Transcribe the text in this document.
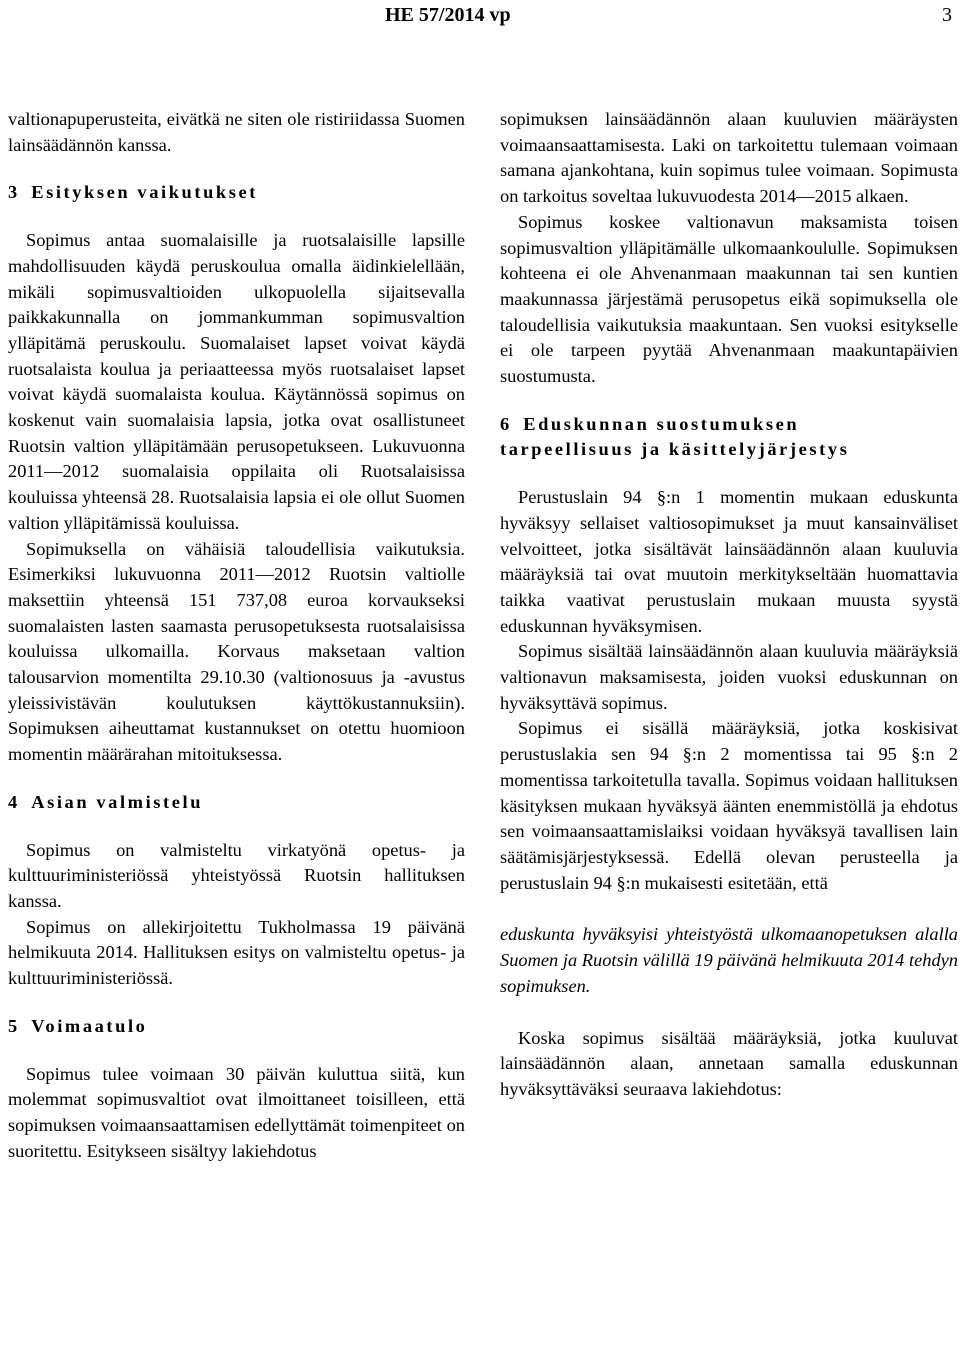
HE 57/2014 vp	3

valtionapuperusteita, eivätkä ne siten ole ristiriidassa Suomen lainsäädännön kanssa.

3 Esityksen vaikutukset

Sopimus antaa suomalaisille ja ruotsalaisille lapsille mahdollisuuden käydä peruskoulua omalla äidinkielellään, mikäli sopimusvaltioiden ulkopuolella sijaitsevalla paikkakunnalla on jommankumman sopimusvaltion ylläpitämä peruskoulu. Suomalaiset lapset voivat käydä ruotsalaista koulua ja periaatteessa myös ruotsalaiset lapset voivat käydä suomalaista koulua. Käytännössä sopimus on koskenut vain suomalaisia lapsia, jotka ovat osallistuneet Ruotsin valtion ylläpitämään perusopetukseen. Lukuvuonna 2011—2012 suomalaisia oppilaita oli Ruotsalaisissa kouluissa yhteensä 28. Ruotsalaisia lapsia ei ole ollut Suomen valtion ylläpitämissä kouluissa.

Sopimuksella on vähäisiä taloudellisia vaikutuksia. Esimerkiksi lukuvuonna 2011—2012 Ruotsin valtiolle maksettiin yhteensä 151 737,08 euroa korvaukseksi suomalaisten lasten saamasta perusopetuksesta ruotsalaisissa kouluissa ulkomailla. Korvaus maksetaan valtion talousarvion momentilta 29.10.30 (valtionosuus ja -avustus yleissivistävän koulutuksen käyttökustannuksiin). Sopimuksen aiheuttamat kustannukset on otettu huomioon momentin määrärahan mitoituksessa.

4 Asian valmistelu

Sopimus on valmisteltu virkatyönä opetus- ja kulttuuriministeriössä yhteistyössä Ruotsin hallituksen kanssa.

Sopimus on allekirjoitettu Tukholmassa 19 päivänä helmikuuta 2014. Hallituksen esitys on valmisteltu opetus- ja kulttuuriministeriössä.

5 Voimaatulo

Sopimus tulee voimaan 30 päivän kuluttua siitä, kun molemmat sopimusvaltiot ovat ilmoittaneet toisilleen, että sopimuksen voimaansaattamisen edellyttämät toimenpiteet on suoritettu. Esitykseen sisältyy lakiehdotus

sopimuksen lainsäädännön alaan kuuluvien määräysten voimaansaattamisesta. Laki on tarkoitettu tulemaan voimaan samana ajankohtana, kuin sopimus tulee voimaan. Sopimusta on tarkoitus soveltaa lukuvuodesta 2014—2015 alkaen.

Sopimus koskee valtionavun maksamista toisen sopimusvaltion ylläpitämälle ulkomaankoululle. Sopimuksen kohteena ei ole Ahvenanmaan maakunnan tai sen kuntien maakunnassa järjestämä perusopetus eikä sopimuksella ole taloudellisia vaikutuksia maakuntaan. Sen vuoksi esitykselle ei ole tarpeen pyytää Ahvenanmaan maakuntapäivien suostumusta.

6 Eduskunnan suostumuksen tarpeellisuus ja käsittelyjärjestys

Perustuslain 94 §:n 1 momentin mukaan eduskunta hyväksyy sellaiset valtiosopimukset ja muut kansainväliset velvoitteet, jotka sisältävät lainsäädännön alaan kuuluvia määräyksiä tai ovat muutoin merkitykseltään huomattavia taikka vaativat perustuslain mukaan muusta syystä eduskunnan hyväksymisen.

Sopimus sisältää lainsäädännön alaan kuuluvia määräyksiä valtionavun maksamisesta, joiden vuoksi eduskunnan on hyväksyttävä sopimus.

Sopimus ei sisällä määräyksiä, jotka koskisivat perustuslakia sen 94 §:n 2 momentissa tai 95 §:n 2 momentissa tarkoitetulla tavalla. Sopimus voidaan hallituksen käsityksen mukaan hyväksyä äänten enemmistöllä ja ehdotus sen voimaansaattamislaiksi voidaan hyväksyä tavallisen lain säätämisjärjestyksessä. Edellä olevan perusteella ja perustuslain 94 §:n mukaisesti esitetään, että

eduskunta hyväksyisi yhteistyöstä ulkomaanopetuksen alalla Suomen ja Ruotsin välillä 19 päivänä helmikuuta 2014 tehdyn sopimuksen.

Koska sopimus sisältää määräyksiä, jotka kuuluvat lainsäädännön alaan, annetaan samalla eduskunnan hyväksyttäväksi seuraava lakiehdotus:
